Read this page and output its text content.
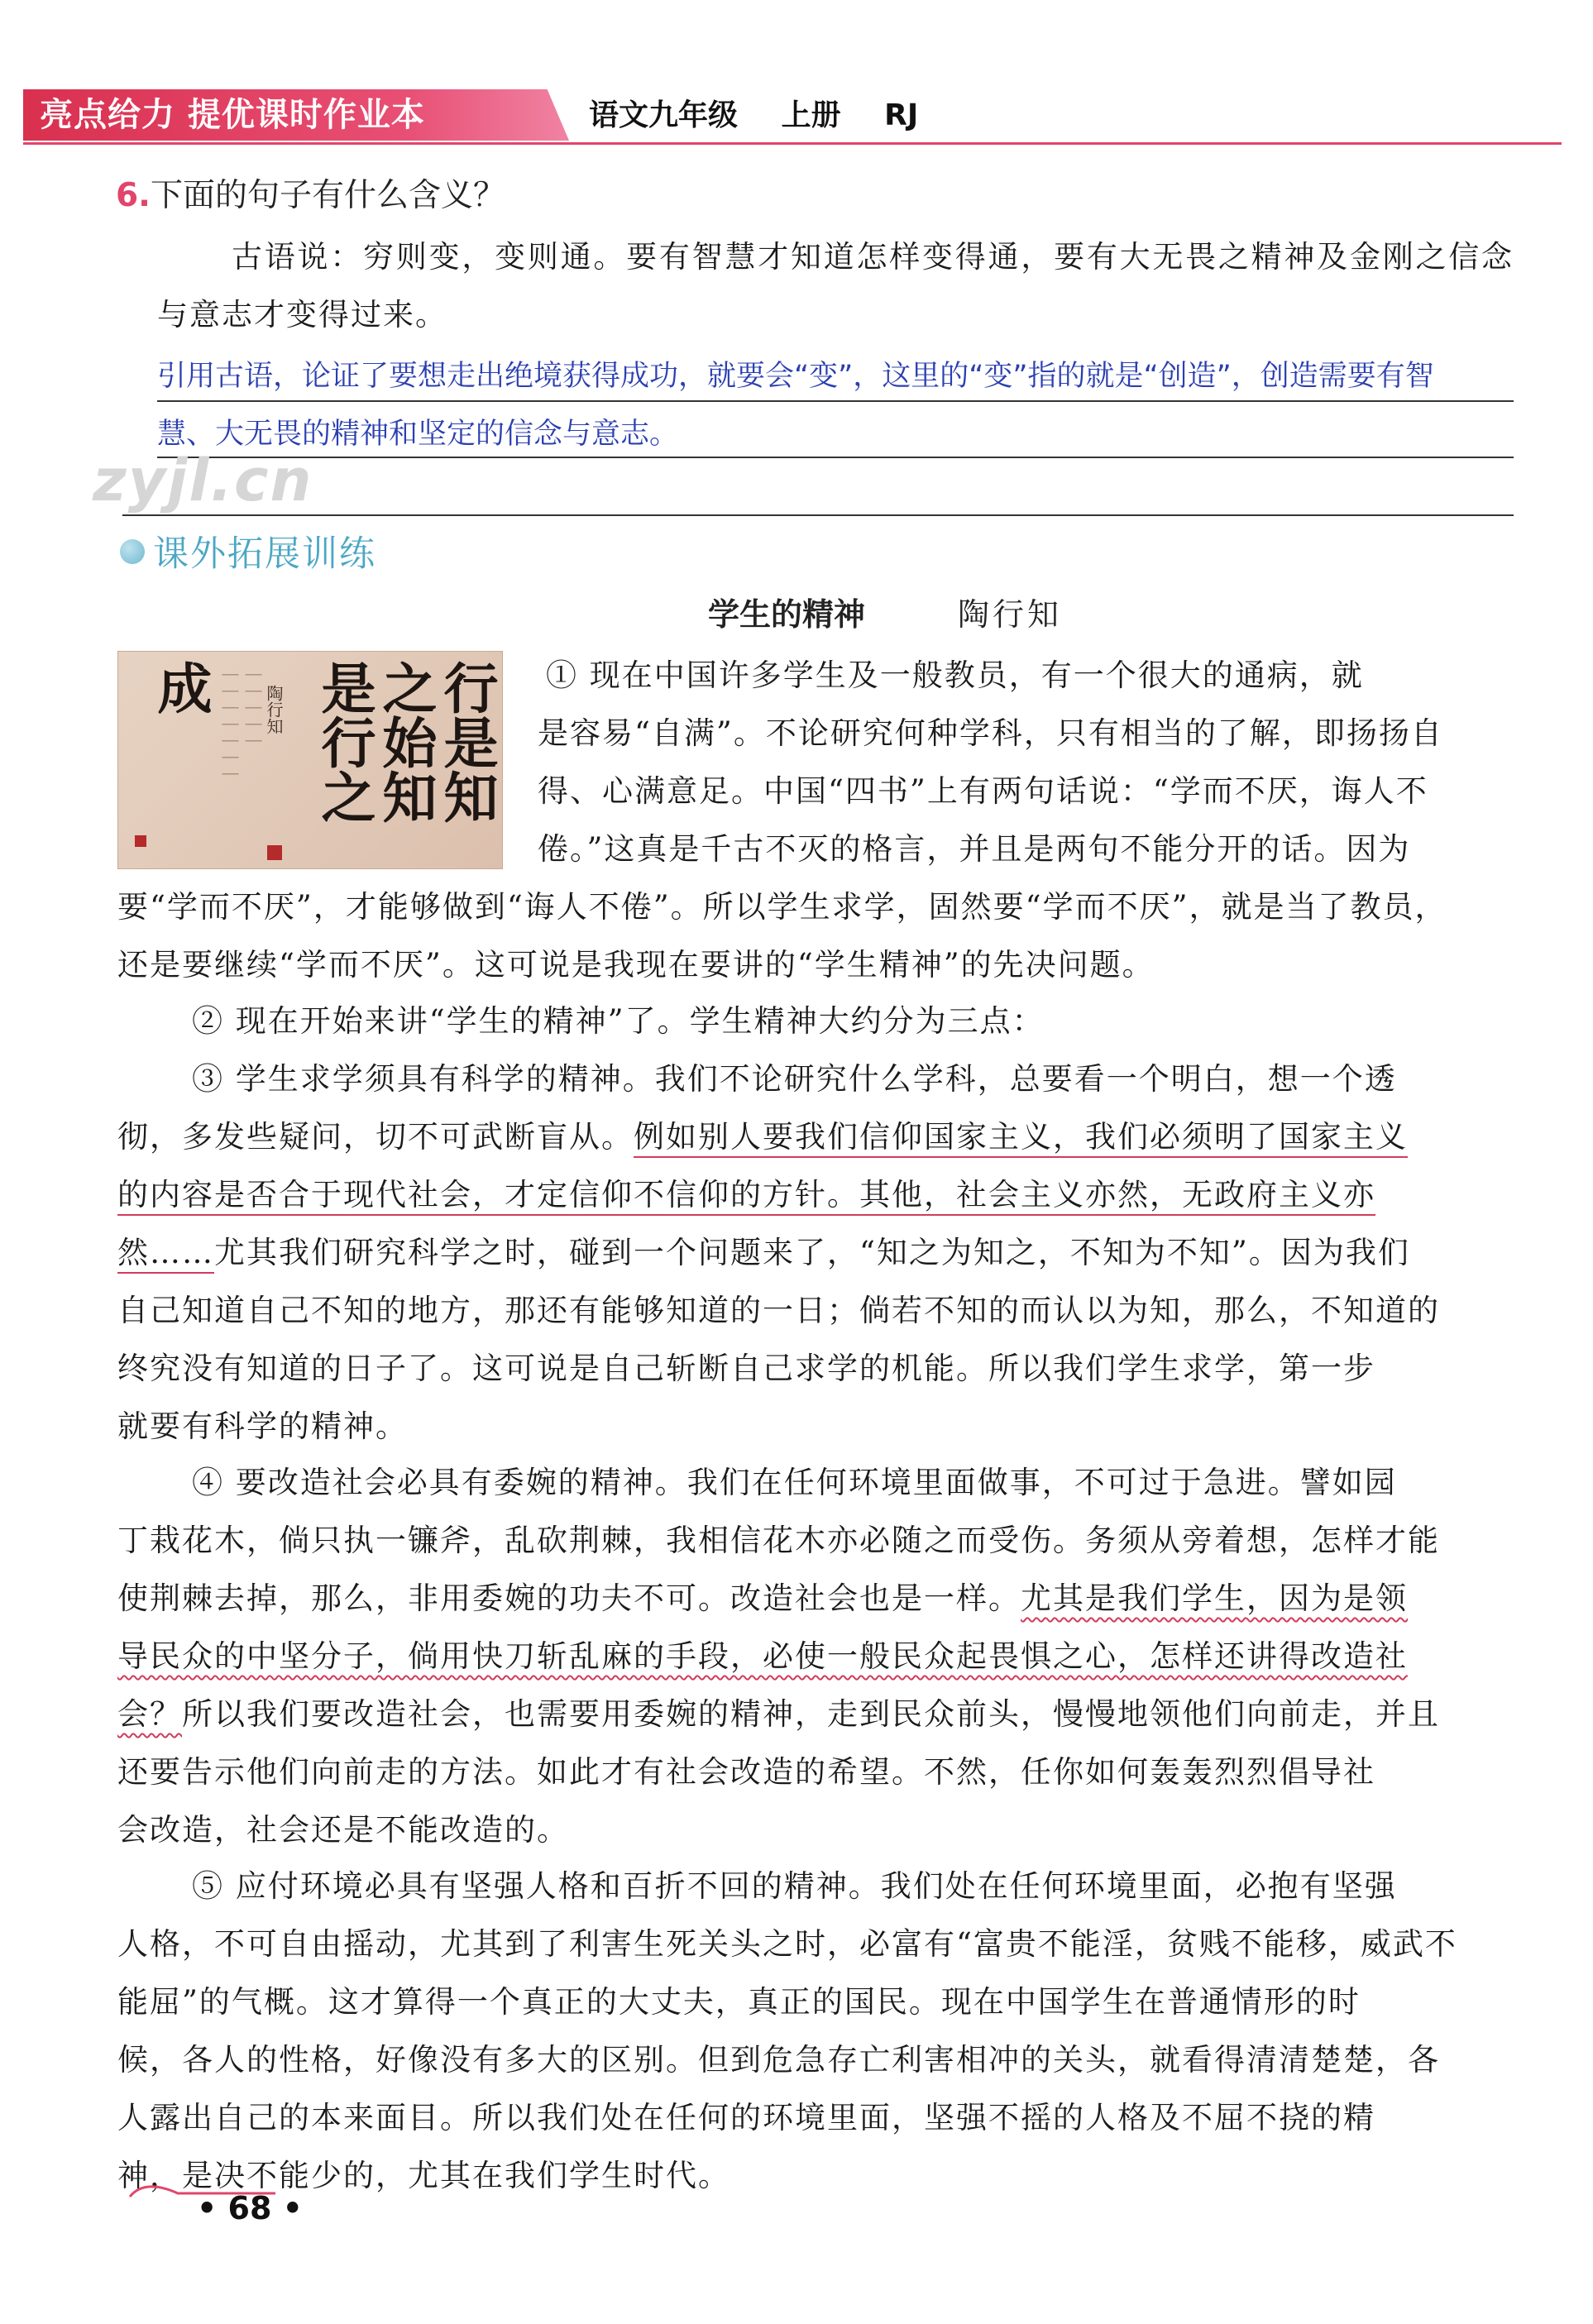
亮点给力 提优课时作业本	语文九年级 上册 RJ
6.下面的句子有什么含义？
古语说：穷则变，变则通。要有智慧才知道怎样变得通，要有大无畏之精神及金刚之信念与意志才变得过来。
引用古语，论证了要想走出绝境获得成功，就要会“变”，这里的“变”指的就是“创造”，创造需要有智
慧、大无畏的精神和坚定的信念与意志。
zyjl.cn
课外拓展训练
学生的精神	陶行知
行是知
之始知
是行之
成	陶行知
｜｜｜｜｜
｜｜｜｜｜｜｜	① 现在中国许多学生及一般教员，有一个很大的通病，就
是容易“自满”。不论研究何种学科，只有相当的了解，即扬扬自
得、心满意足。中国“四书”上有两句话说：“学而不厌，诲人不
倦。”这真是千古不灭的格言，并且是两句不能分开的话。因为
要“学而不厌”，才能够做到“诲人不倦”。所以学生求学，固然要“学而不厌”，就是当了教员，
还是要继续“学而不厌”。这可说是我现在要讲的“学生精神”的先决问题。
② 现在开始来讲“学生的精神”了。学生精神大约分为三点：
③ 学生求学须具有科学的精神。我们不论研究什么学科，总要看一个明白，想一个透
彻，多发些疑问，切不可武断盲从。例如别人要我们信仰国家主义，我们必须明了国家主义
的内容是否合于现代社会，才定信仰不信仰的方针。其他，社会主义亦然，无政府主义亦
然……尤其我们研究科学之时，碰到一个问题来了，“知之为知之，不知为不知”。因为我们
自己知道自己不知的地方，那还有能够知道的一日；倘若不知的而认以为知，那么，不知道的
终究没有知道的日子了。这可说是自己斩断自己求学的机能。所以我们学生求学，第一步
就要有科学的精神。
④ 要改造社会必具有委婉的精神。我们在任何环境里面做事，不可过于急进。譬如园
丁栽花木，倘只执一镰斧，乱砍荆棘，我相信花木亦必随之而受伤。务须从旁着想，怎样才能
使荆棘去掉，那么，非用委婉的功夫不可。改造社会也是一样。尤其是我们学生，因为是领
导民众的中坚分子，倘用快刀斩乱麻的手段，必使一般民众起畏惧之心，怎样还讲得改造社
会？所以我们要改造社会，也需要用委婉的精神，走到民众前头，慢慢地领他们向前走，并且
还要告示他们向前走的方法。如此才有社会改造的希望。不然，任你如何轰轰烈烈倡导社
会改造，社会还是不能改造的。
⑤ 应付环境必具有坚强人格和百折不回的精神。我们处在任何环境里面，必抱有坚强
人格，不可自由摇动，尤其到了利害生死关头之时，必富有“富贵不能淫，贫贱不能移，威武不
能屈”的气概。这才算得一个真正的大丈夫，真正的国民。现在中国学生在普通情形的时
候，各人的性格，好像没有多大的区别。但到危急存亡利害相冲的关头，就看得清清楚楚，各
人露出自己的本来面目。所以我们处在任何的环境里面，坚强不摇的人格及不屈不挠的精
神，是决不能少的，尤其在我们学生时代。
• 68 •
